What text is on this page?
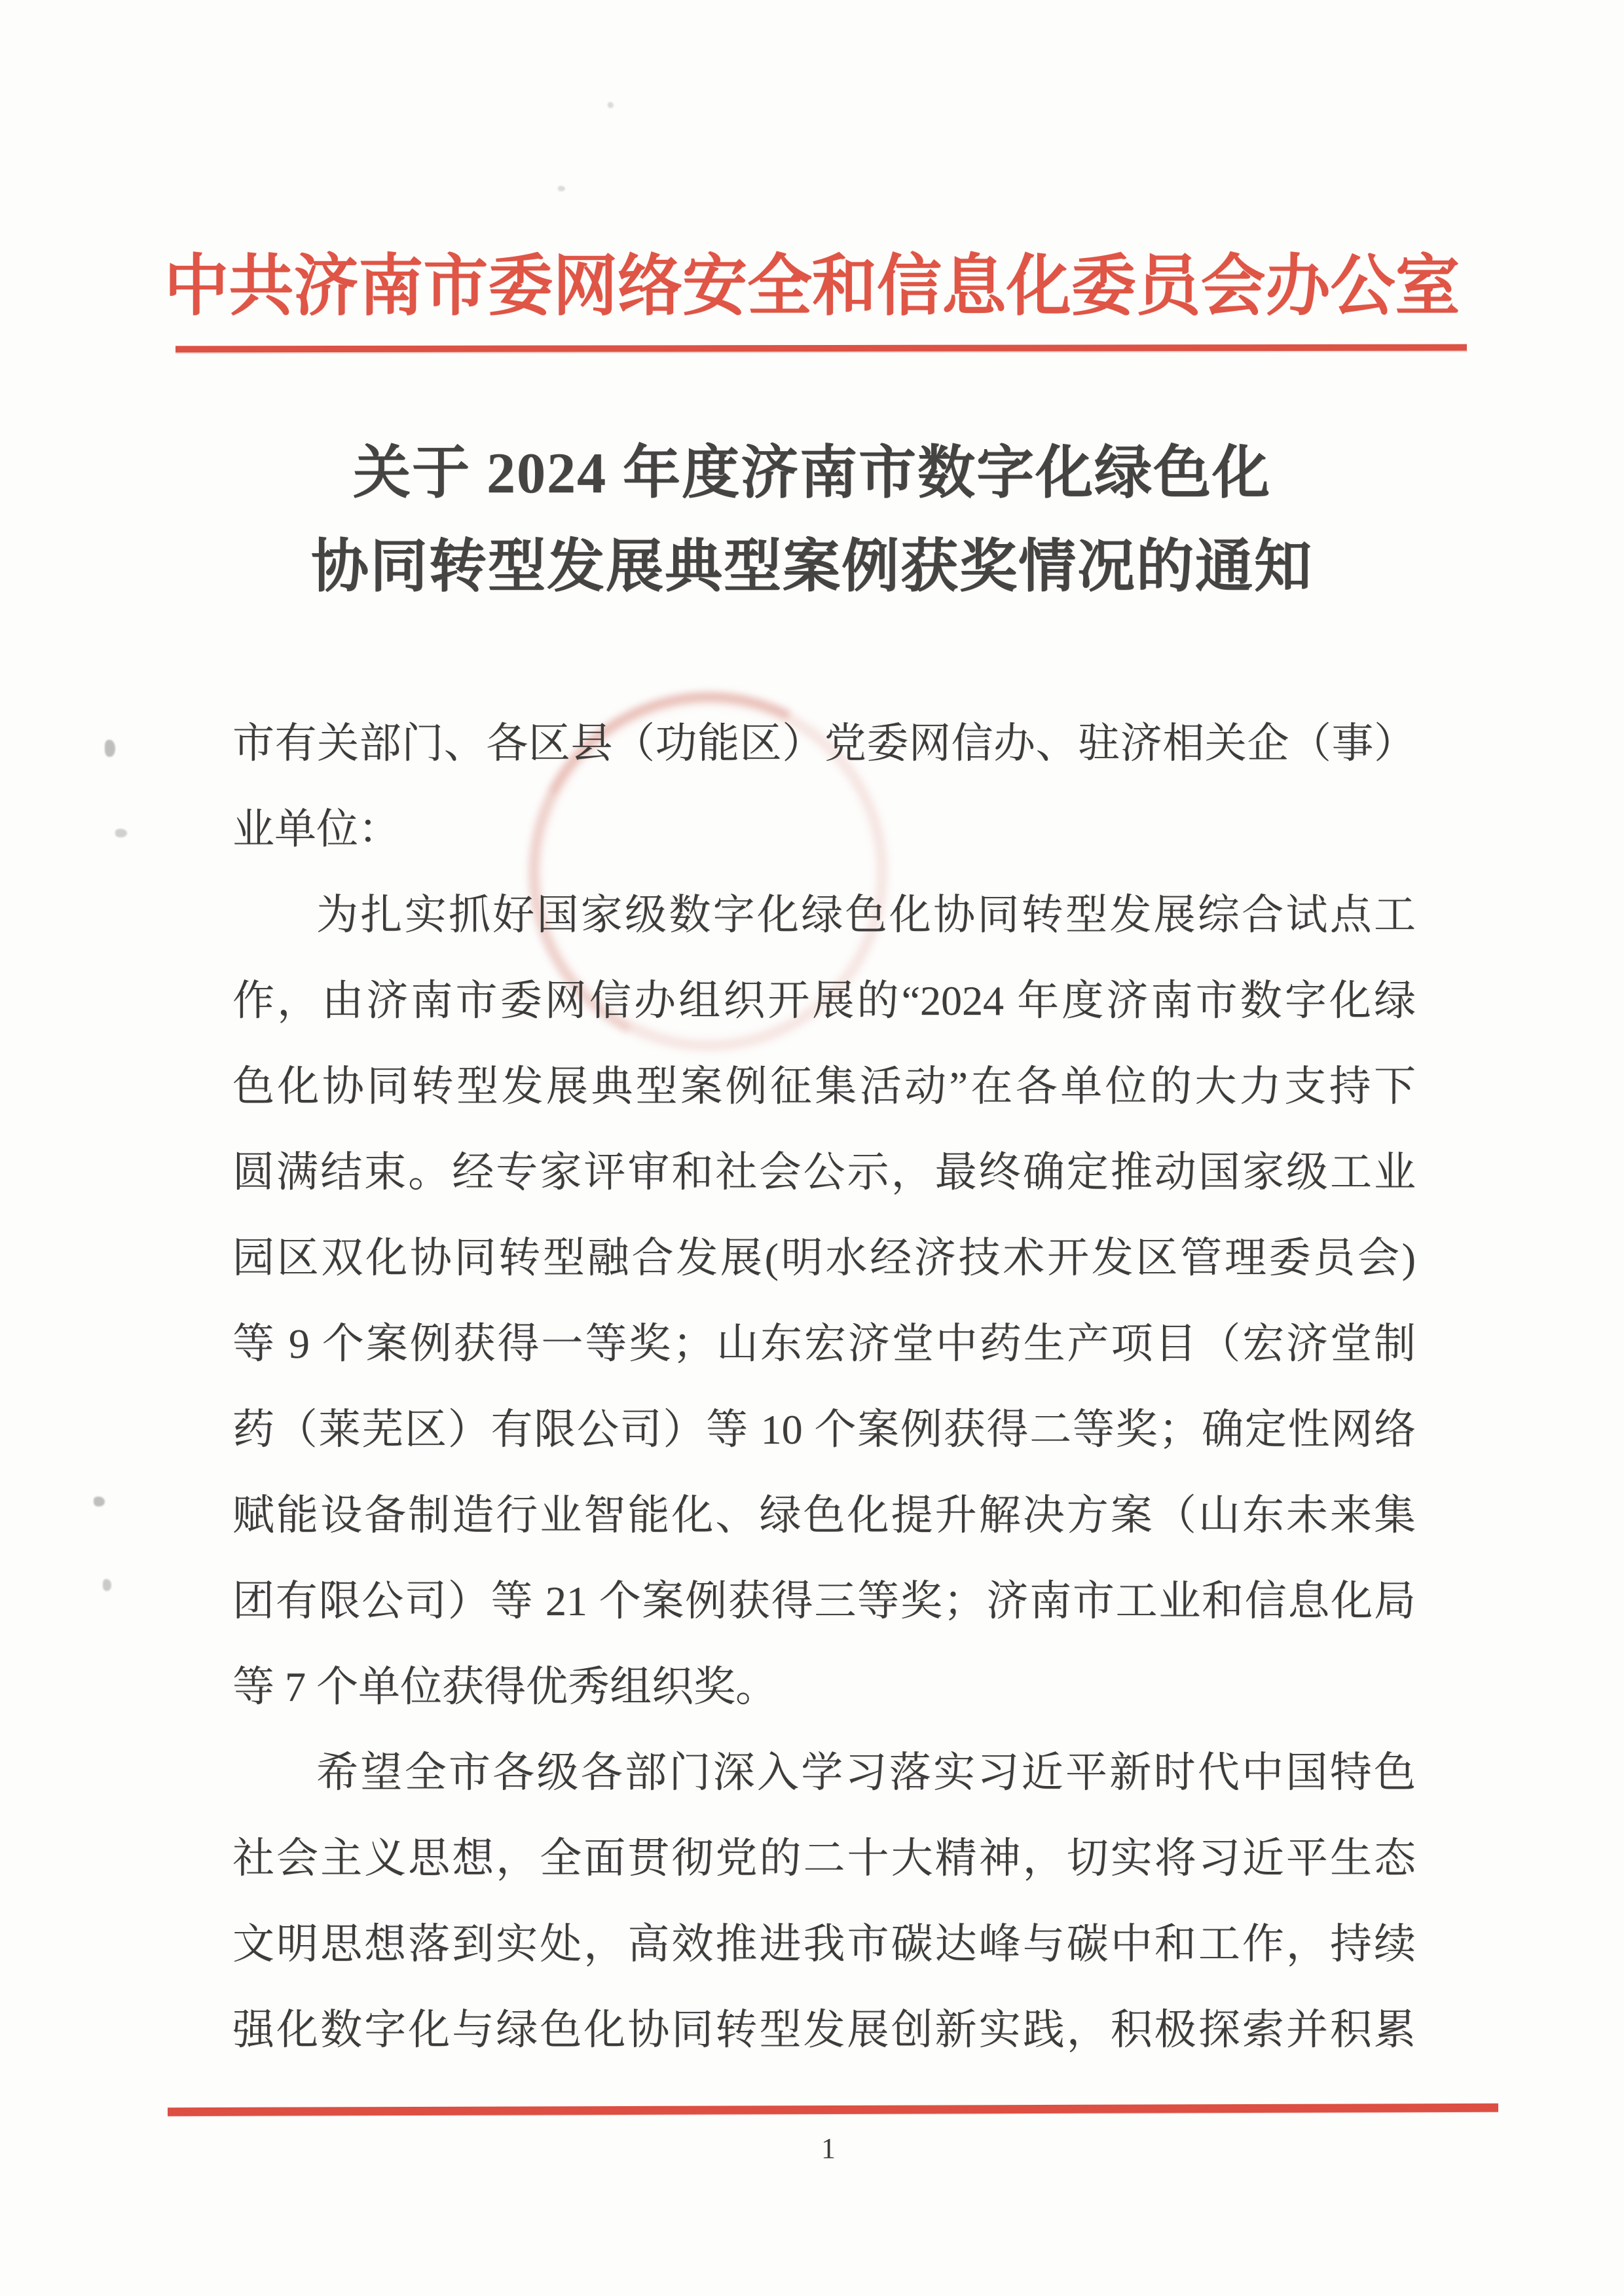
中共济南市委网络安全和信息化委员会办公室
关于 2024 年度济南市数字化绿色化
协同转型发展典型案例获奖情况的通知
市有关部门、各区县（功能区）党委网信办、驻济相关企（事）
业单位：
为扎实抓好国家级数字化绿色化协同转型发展综合试点工
作，由济南市委网信办组织开展的“2024 年度济南市数字化绿
色化协同转型发展典型案例征集活动”在各单位的大力支持下
圆满结束。经专家评审和社会公示，最终确定推动国家级工业
园区双化协同转型融合发展(明水经济技术开发区管理委员会)
等 9 个案例获得一等奖；山东宏济堂中药生产项目（宏济堂制
药（莱芜区）有限公司）等 10 个案例获得二等奖；确定性网络
赋能设备制造行业智能化、绿色化提升解决方案（山东未来集
团有限公司）等 21 个案例获得三等奖；济南市工业和信息化局
等 7 个单位获得优秀组织奖。
希望全市各级各部门深入学习落实习近平新时代中国特色
社会主义思想，全面贯彻党的二十大精神，切实将习近平生态
文明思想落到实处，高效推进我市碳达峰与碳中和工作，持续
强化数字化与绿色化协同转型发展创新实践，积极探索并积累
1
